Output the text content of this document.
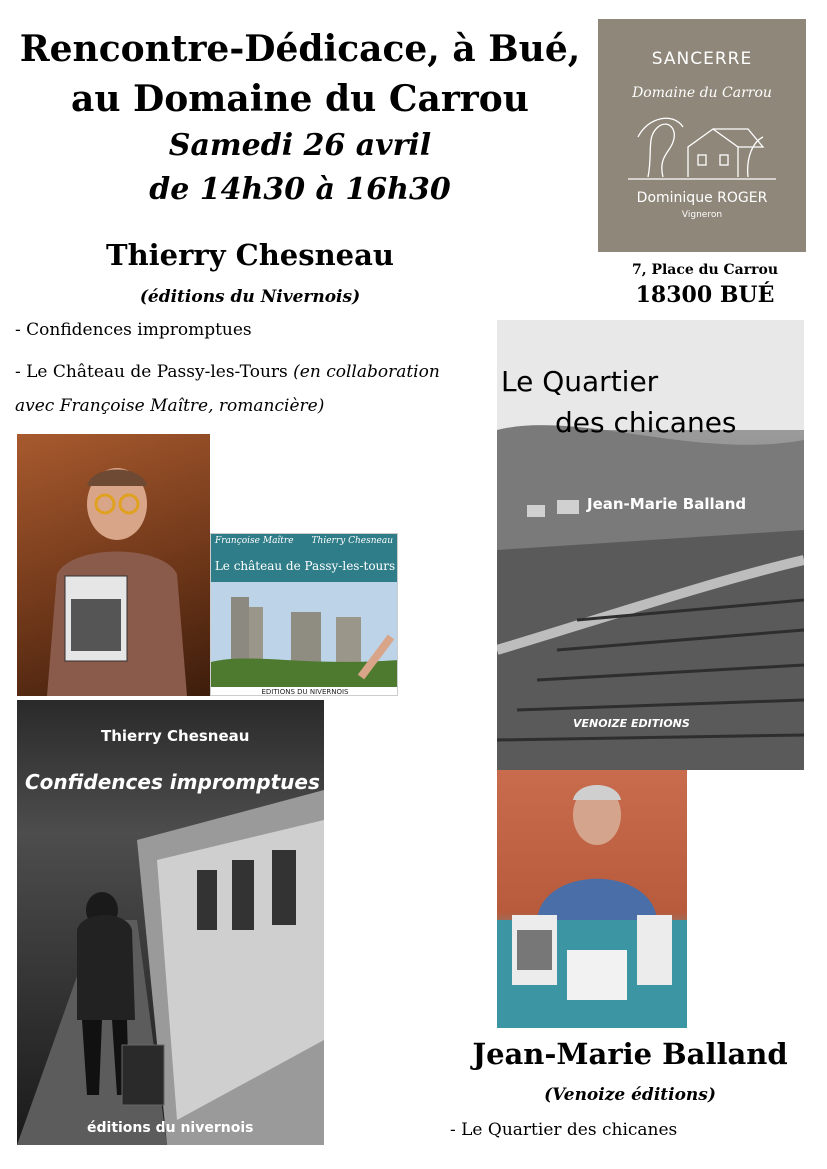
Rencontre-Dédicace, à Bué,
au Domaine du Carrou
Samedi 26 avril
de 14h30 à 16h30
SANCERRE
Domaine du Carrou
Dominique ROGER
Vigneron
7, Place du Carrou
18300 BUÉ
Thierry Chesneau
(éditions du Nivernois)
- Confidences impromptues
- Le Château de Passy-les-Tours (en collaboration avec Françoise Maître, romancière)
Françoise Maître Thierry Chesneau
Le château de Passy-les-tours
EDITIONS DU NIVERNOIS
Thierry Chesneau
Confidences impromptues
éditions du nivernois
Le Quartier
des chicanes
Jean-Marie Balland
VENOIZE EDITIONS
Jean-Marie Balland
(Venoize éditions)
- Le Quartier des chicanes
